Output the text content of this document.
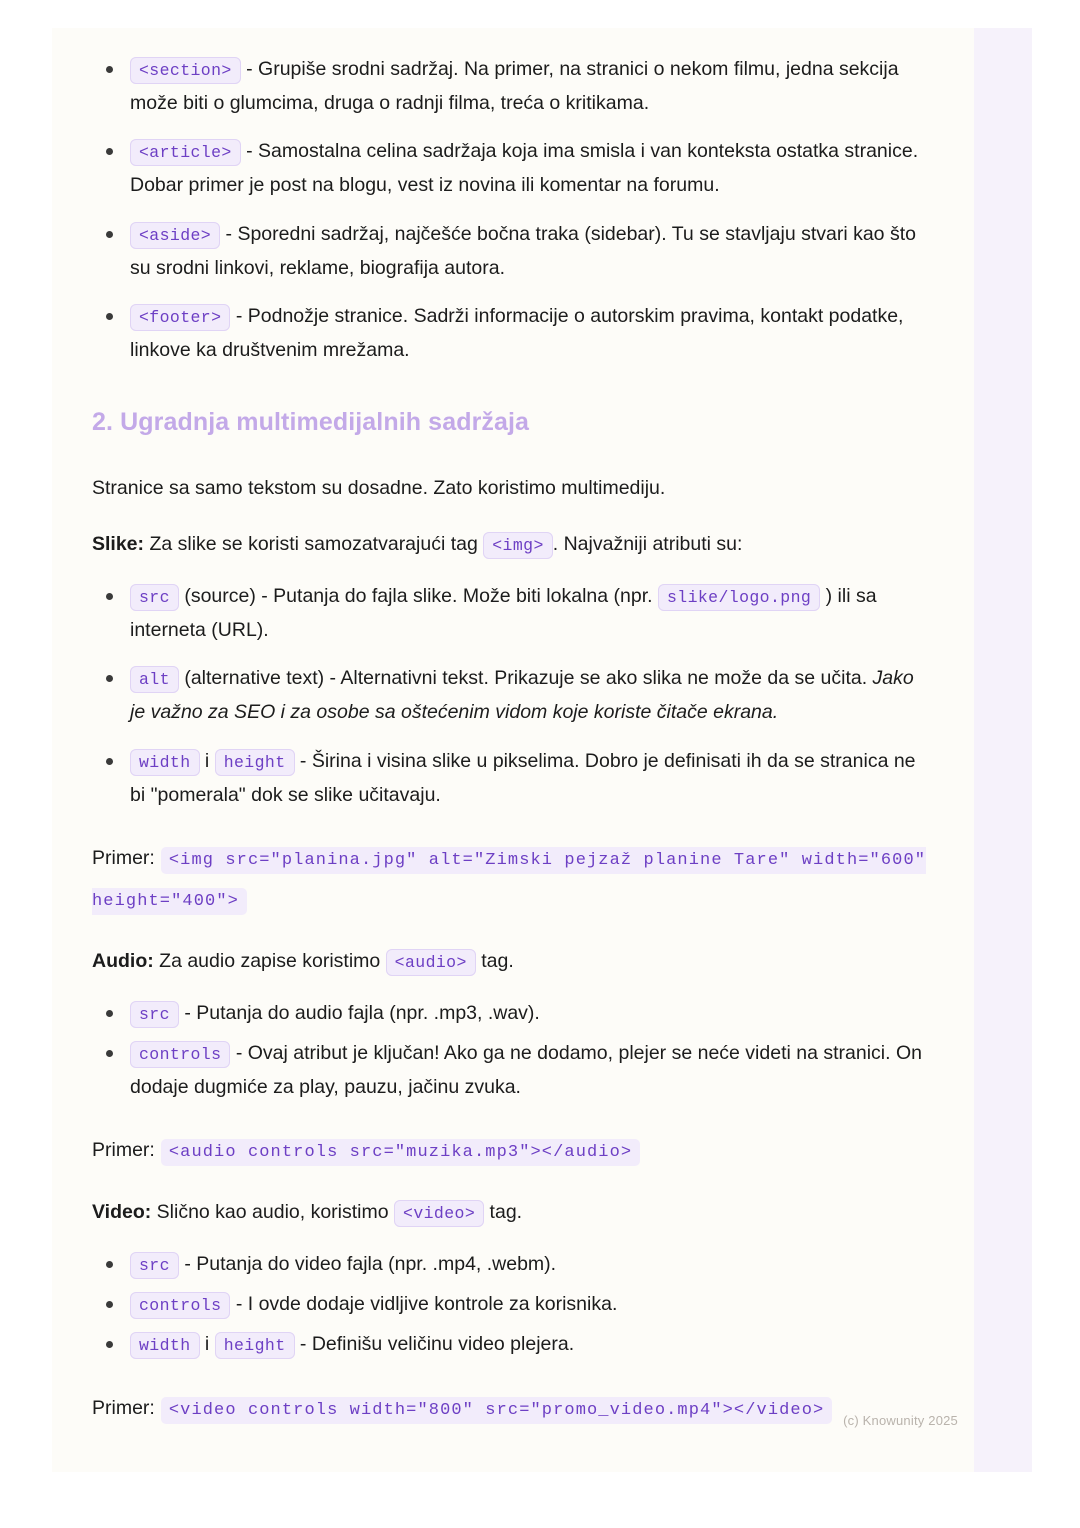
<section> - Grupiše srodni sadržaj. Na primer, na stranici o nekom filmu, jedna sekcija može biti o glumcima, druga o radnji filma, treća o kritikama.
<article> - Samostalna celina sadržaja koja ima smisla i van konteksta ostatka stranice. Dobar primer je post na blogu, vest iz novina ili komentar na forumu.
<aside> - Sporedni sadržaj, najčešće bočna traka (sidebar). Tu se stavljaju stvari kao što su srodni linkovi, reklame, biografija autora.
<footer> - Podnožje stranice. Sadrži informacije o autorskim pravima, kontakt podatke, linkove ka društvenim mrežama.
2. Ugradnja multimedijalnih sadržaja

Stranice sa samo tekstom su dosadne. Zato koristimo multimediju.

Slike: Za slike se koristi samozatvarajući tag <img> . Najvažniji atributi su:

src (source) - Putanja do fajla slike. Može biti lokalna (npr. slike/logo.png ) ili sa interneta (URL).
alt (alternative text) - Alternativni tekst. Prikazuje se ako slika ne može da se učita. Jako je važno za SEO i za osobe sa oštećenim vidom koje koriste čitače ekrana.
width i height - Širina i visina slike u pikselima. Dobro je definisati ih da se stranica ne bi "pomerala" dok se slike učitavaju.
Primer: <img src="planina.jpg" alt="Zimski pejzaž planine Tare" width="600" height="400">

Audio: Za audio zapise koristimo <audio> tag.

src - Putanja do audio fajla (npr. .mp3, .wav).
controls - Ovaj atribut je ključan! Ako ga ne dodamo, plejer se neće videti na stranici. On dodaje dugmiće za play, pauzu, jačinu zvuka.
Primer: <audio controls src="muzika.mp3"></audio>

Video: Slično kao audio, koristimo <video> tag.

src - Putanja do video fajla (npr. .mp4, .webm).
controls - I ovde dodaje vidljive kontrole za korisnika.
width i height - Definišu veličinu video plejera.
Primer: <video controls width="800" src="promo_video.mp4"></video>
(c) Knowunity 2025
